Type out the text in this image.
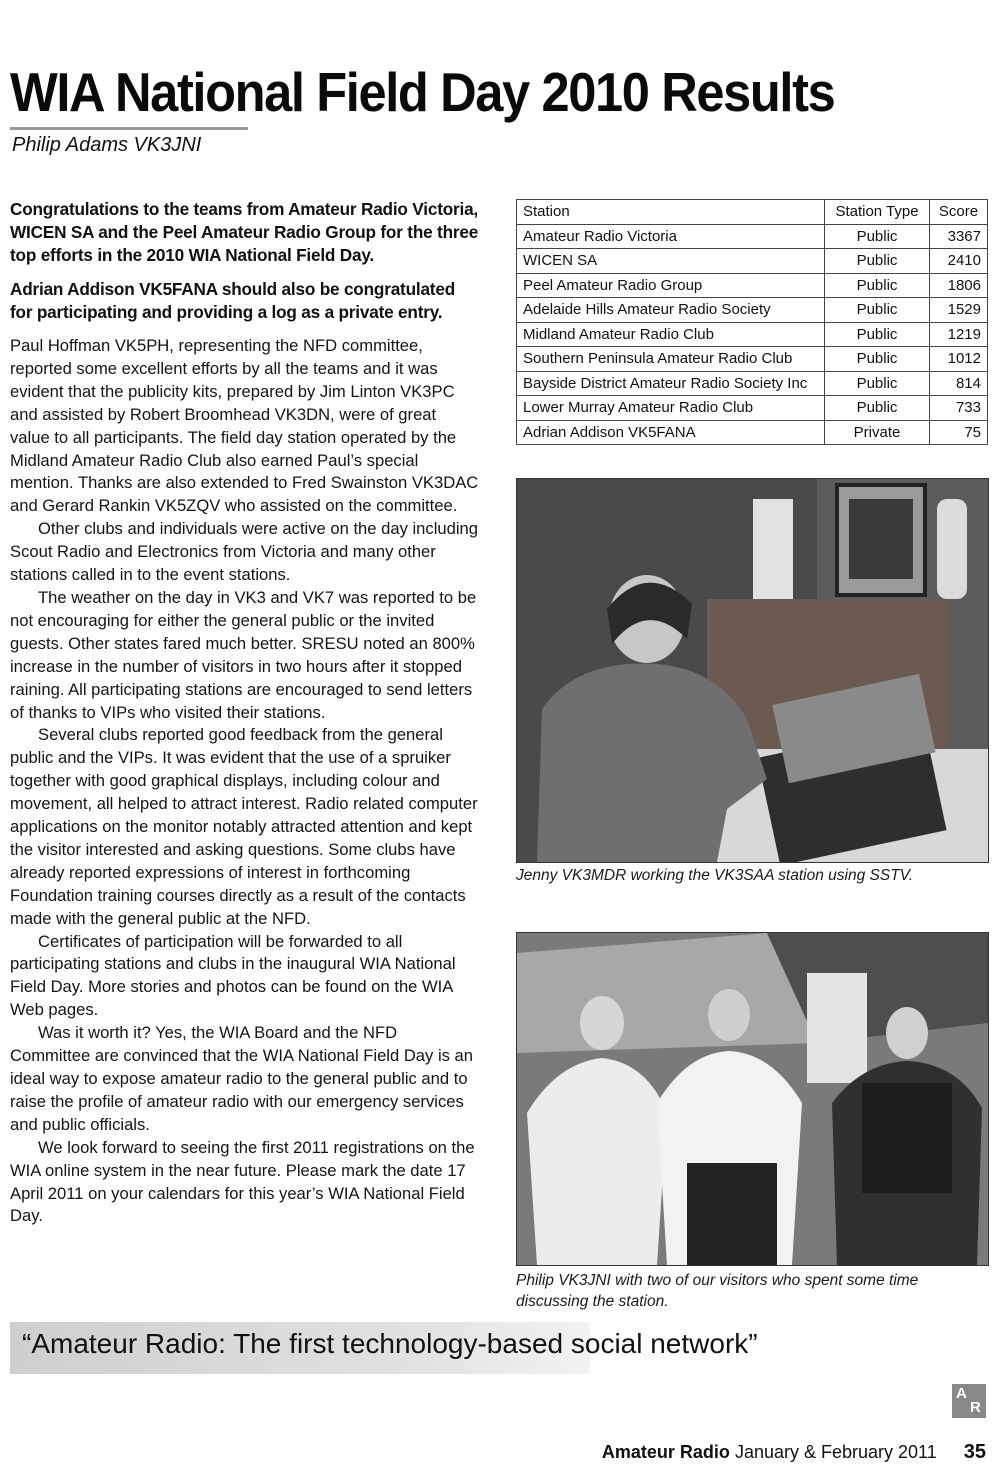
WIA National Field Day 2010 Results
Philip Adams VK3JNI

Congratulations to the teams from Amateur Radio Victoria, WICEN SA and the Peel Amateur Radio Group for the three top efforts in the 2010 WIA National Field Day.

Adrian Addison VK5FANA should also be congratulated for participating and providing a log as a private entry.

Paul Hoffman VK5PH, representing the NFD committee, reported some excellent efforts by all the teams and it was evident that the publicity kits, prepared by Jim Linton VK3PC and assisted by Robert Broomhead VK3DN, were of great value to all participants. The field day station operated by the Midland Amateur Radio Club also earned Paul’s special mention. Thanks are also extended to Fred Swainston VK3DAC and Gerard Rankin VK5ZQV who assisted on the committee.

Other clubs and individuals were active on the day including Scout Radio and Electronics from Victoria and many other stations called in to the event stations.

The weather on the day in VK3 and VK7 was reported to be not encouraging for either the general public or the invited guests. Other states fared much better. SRESU noted an 800% increase in the number of visitors in two hours after it stopped raining. All participating stations are encouraged to send letters of thanks to VIPs who visited their stations.

Several clubs reported good feedback from the general public and the VIPs. It was evident that the use of a spruiker together with good graphical displays, including colour and movement, all helped to attract interest. Radio related computer applications on the monitor notably attracted attention and kept the visitor interested and asking questions. Some clubs have already reported expressions of interest in forthcoming Foundation training courses directly as a result of the contacts made with the general public at the NFD.

Certificates of participation will be forwarded to all participating stations and clubs in the inaugural WIA National Field Day. More stories and photos can be found on the WIA Web pages.

Was it worth it? Yes, the WIA Board and the NFD Committee are convinced that the WIA National Field Day is an ideal way to expose amateur radio to the general public and to raise the profile of amateur radio with our emergency services and public officials.

We look forward to seeing the first 2011 registrations on the WIA online system in the near future. Please mark the date 17 April 2011 on your calendars for this year’s WIA National Field Day.

Station	Station Type	Score
Amateur Radio Victoria	Public	3367
WICEN SA	Public	2410
Peel Amateur Radio Group	Public	1806
Adelaide Hills Amateur Radio Society	Public	1529
Midland Amateur Radio Club	Public	1219
Southern Peninsula Amateur Radio Club	Public	1012
Bayside District Amateur Radio Society Inc	Public	814
Lower Murray Amateur Radio Club	Public	733
Adrian Addison VK5FANA	Private	75
Jenny VK3MDR working the VK3SAA station using SSTV.
Philip VK3JNI with two of our visitors who spent some time discussing the station.
“Amateur Radio: The first technology-based social network”
A
R
Amateur Radio January & February 2011 35
